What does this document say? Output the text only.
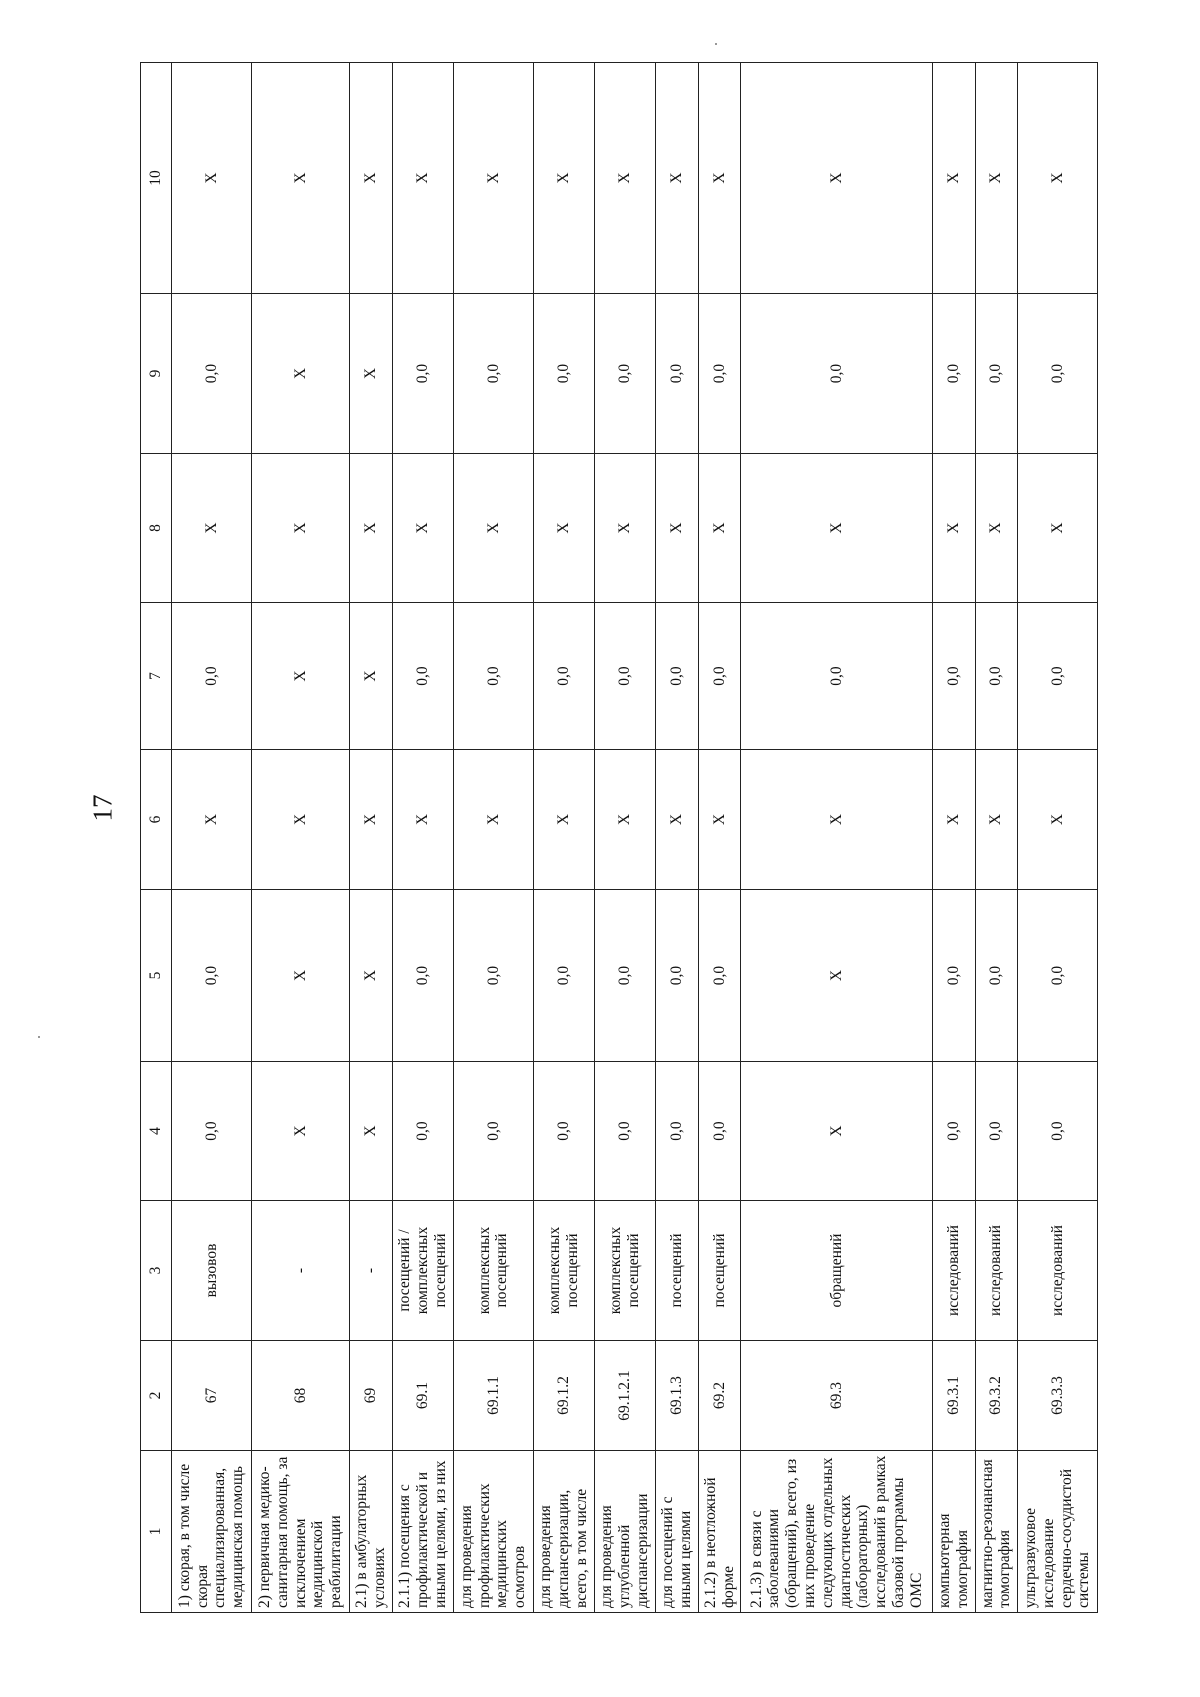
17
1	2	3	4	5	6	7	8	9	10
1) скорая, в том числе скорая специализированная, медицинская помощь	67	вызовов	0,0	0,0	X	0,0	X	0,0	X
2) первичная медико-санитарная помощь, за исключением медицинской реабилитации	68	-	X	X	X	X	X	X	X
2.1) в амбулаторных условиях	69	-	X	X	X	X	X	X	X
2.1.1) посещения с профилактической и иными целями, из них	69.1	посещений / комплексных посещений	0,0	0,0	X	0,0	X	0,0	X
для проведения профилактических медицинских осмотров	69.1.1	комплексных посещений	0,0	0,0	X	0,0	X	0,0	X
для проведения диспансеризации, всего, в том числе	69.1.2	комплексных посещений	0,0	0,0	X	0,0	X	0,0	X
для проведения углубленной диспансеризации	69.1.2.1	комплексных посещений	0,0	0,0	X	0,0	X	0,0	X
для посещений с иными целями	69.1.3	посещений	0,0	0,0	X	0,0	X	0,0	X
2.1.2) в неотложной форме	69.2	посещений	0,0	0,0	X	0,0	X	0,0	X
2.1.3) в связи с заболеваниями (обращений), всего, из них проведение следующих отдельных диагностических (лабораторных) исследований в рамках базовой программы ОМС	69.3	обращений	X	X	X	0,0	X	0,0	X
компьютерная томография	69.3.1	исследований	0,0	0,0	X	0,0	X	0,0	X
магнитно-резонансная томография	69.3.2	исследований	0,0	0,0	X	0,0	X	0,0	X
ультразвуковое исследование сердечно-сосудистой системы	69.3.3	исследований	0,0	0,0	X	0,0	X	0,0	X
